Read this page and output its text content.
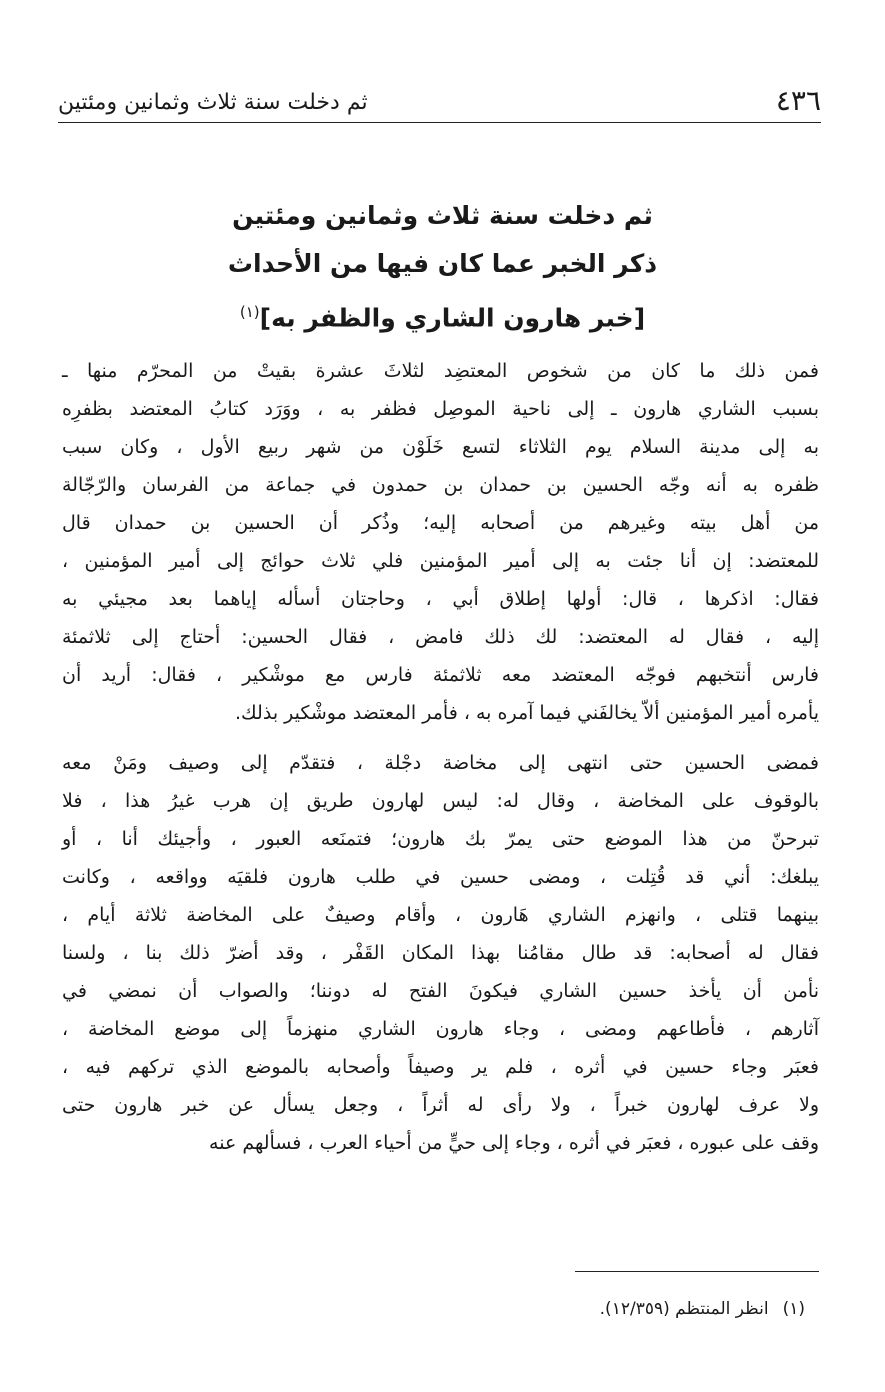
٤٣٦
ثم دخلت سنة ثلاث وثمانين ومئتين
ثم دخلت سنة ثلاث وثمانين ومئتين
ذكر الخبر عما كان فيها من الأحداث
[خبر هارون الشاري والظفر به]$^{(١)}$
فمن ذلك ما كان من شخوص المعتضِد لثلاثَ عشرة بقيتْ من المحرّم منها ـ
بسبب الشاري هارون ـ إلى ناحية الموصِل فظفر به ، ووَرَد كتابُ المعتضد بظفرِه
به إلى مدينة السلام يوم الثلاثاء لتسع خَلَوْن من شهر ربيع الأول ، وكان سبب
ظفره به أنه وجّه الحسين بن حمدان بن حمدون في جماعة من الفرسان والرّجّالة
من أهل بيته وغيرهم من أصحابه إليه؛ وذُكر أن الحسين بن حمدان قال
للمعتضد: إن أنا جئت به إلى أمير المؤمنين فلي ثلاث حوائج إلى أمير المؤمنين ،
فقال: اذكرها ، قال: أولها إطلاق أبي ، وحاجتان أسأله إياهما بعد مجيئي به
إليه ، فقال له المعتضد: لك ذلك فامض ، فقال الحسين: أحتاج إلى ثلاثمئة
فارس أنتخبهم فوجّه المعتضد معه ثلاثمئة فارس مع موشْكير ، فقال: أريد أن
يأمره أمير المؤمنين ألاّ يخالفَني فيما آمره به ، فأمر المعتضد موشْكير بذلك.
فمضى الحسين حتى انتهى إلى مخاضة دجْلة ، فتقدّم إلى وصيف ومَنْ معه
بالوقوف على المخاضة ، وقال له: ليس لهارون طريق إن هرب غيرُ هذا ، فلا
تبرحنّ من هذا الموضع حتى يمرّ بك هارون؛ فتمنَعه العبور ، وأجيئك أنا ، أو
يبلغك: أني قد قُتِلت ، ومضى حسين في طلب هارون فلقيَه وواقعه ، وكانت
بينهما قتلى ، وانهزم الشاري هَارون ، وأقام وصيفٌ على المخاضة ثلاثة أيام ،
فقال له أصحابه: قد طال مقامُنا بهذا المكان القَفْر ، وقد أضرّ ذلك بنا ، ولسنا
نأمن أن يأخذ حسين الشاري فيكونَ الفتح له دوننا؛ والصواب أن نمضي في
آثارهم ، فأطاعهم ومضى ، وجاء هارون الشاري منهزماً إلى موضع المخاضة ،
فعبَر وجاء حسين في أثره ، فلم ير وصيفاً وأصحابه بالموضع الذي تركهم فيه ،
ولا عرف لهارون خبراً ، ولا رأى له أثراً ، وجعل يسأل عن خبر هارون حتى
وقف على عبوره ، فعبَر في أثره ، وجاء إلى حيٍّ من أحياء العرب ، فسألهم عنه
(١)انظر المنتظم (١٢/٣٥٩).
